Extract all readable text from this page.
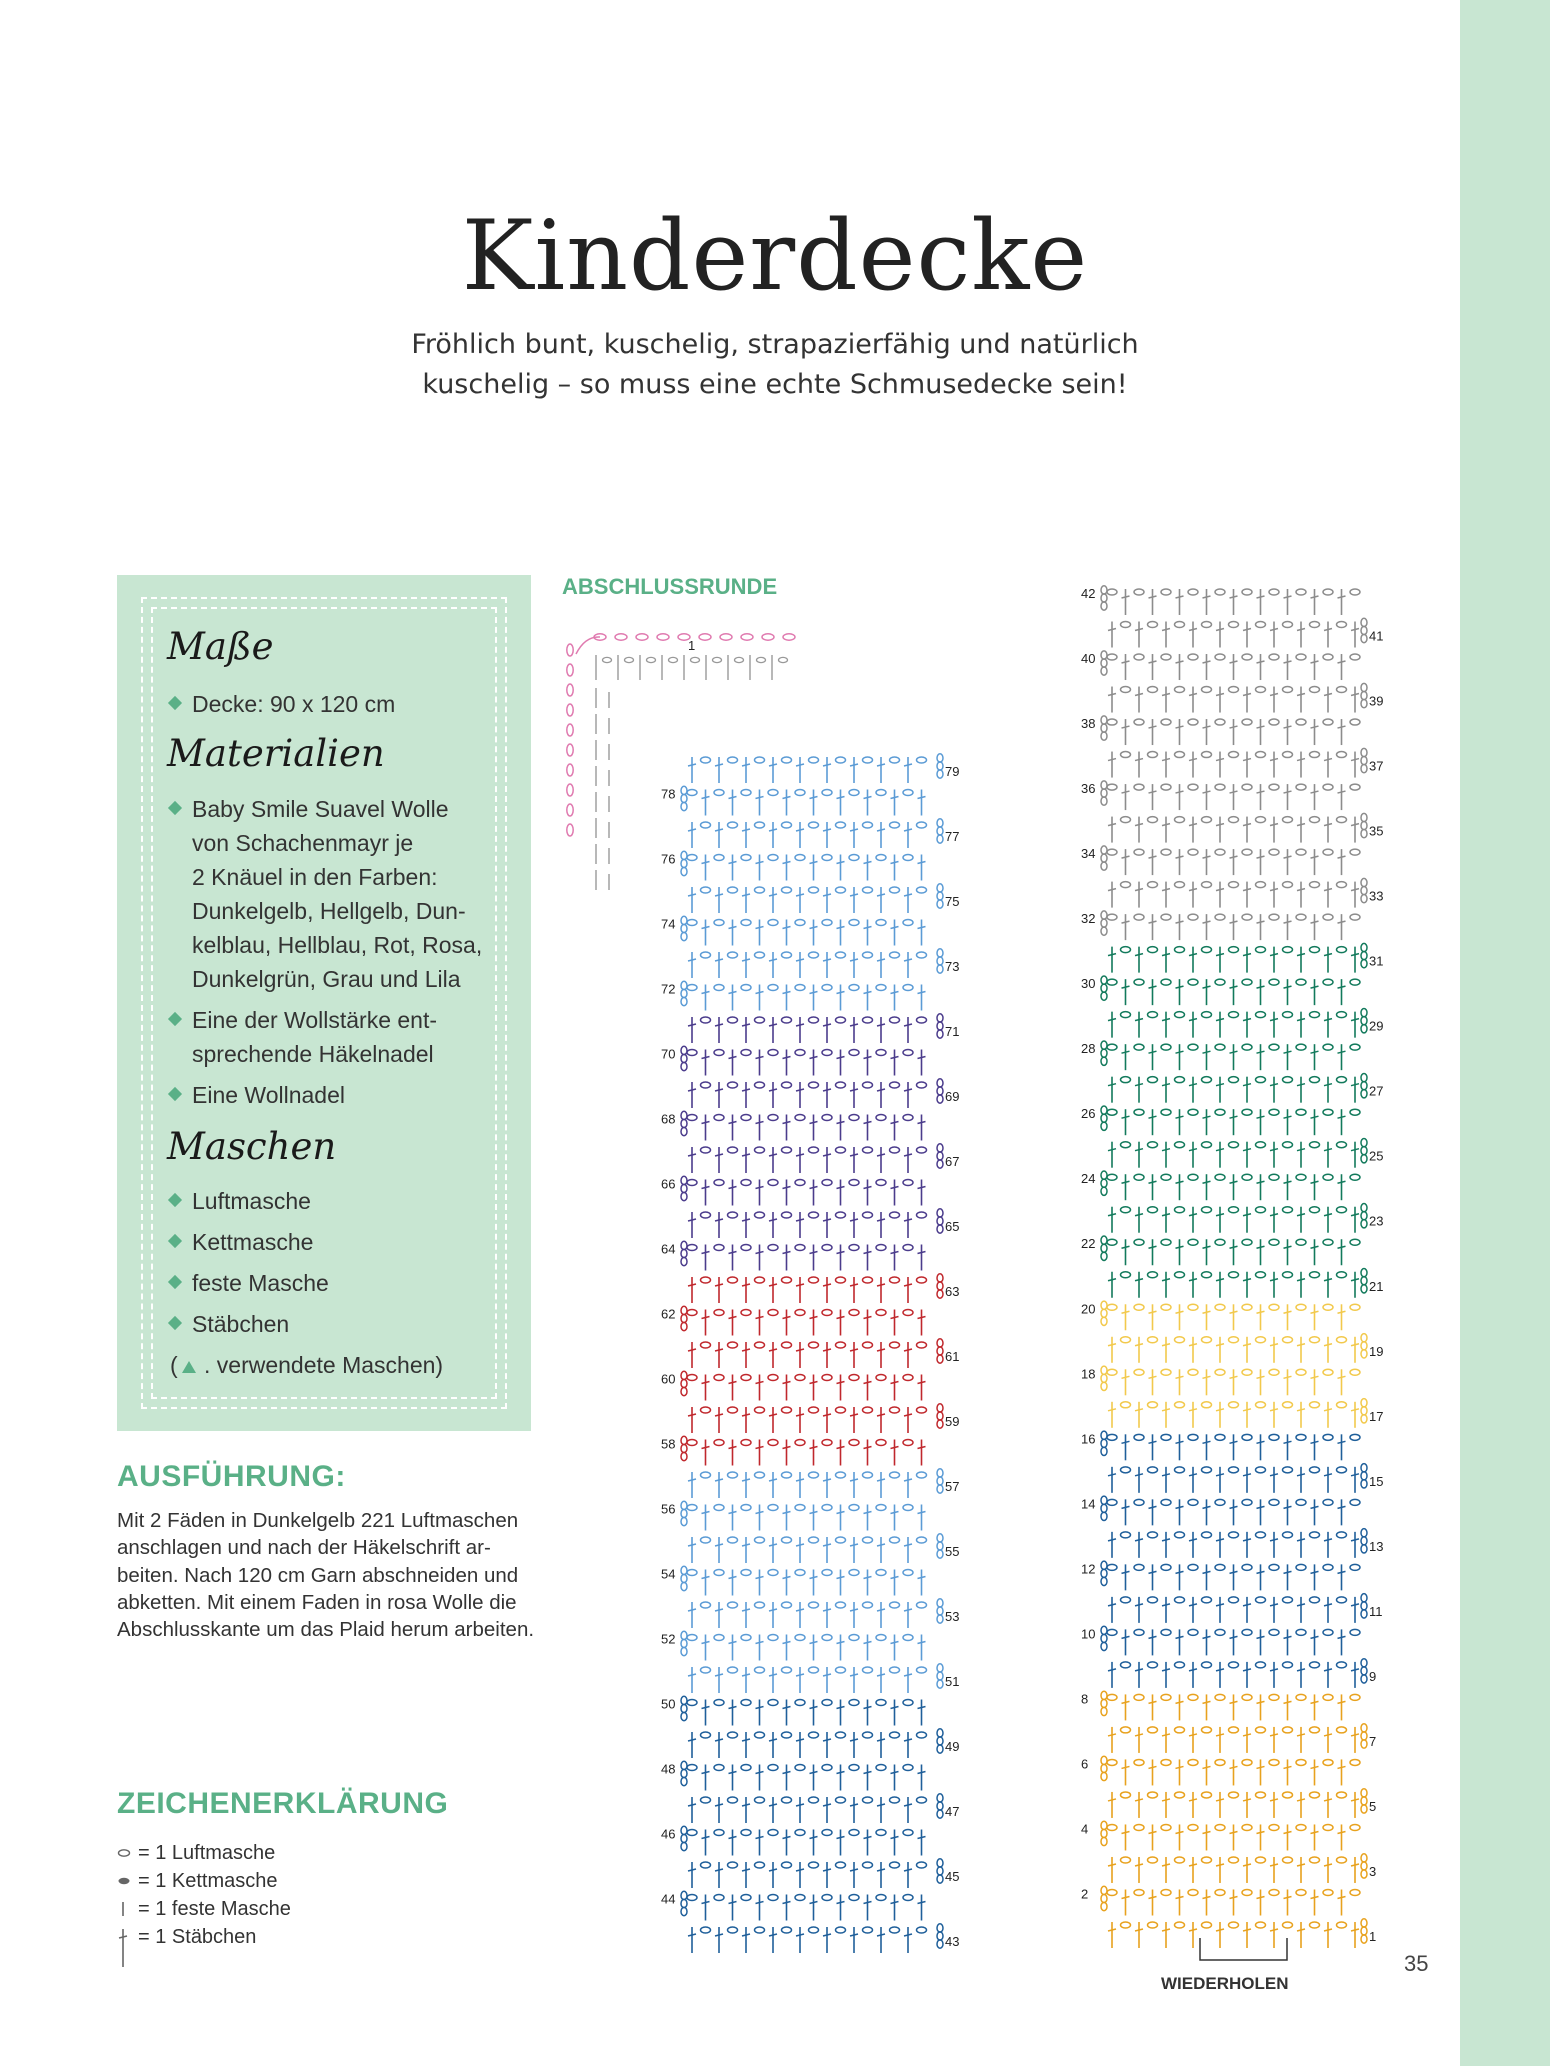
Kinderdecke
Fröhlich bunt, kuschelig, strapazierfähig und natürlich
kuschelig – so muss eine echte Schmusedecke sein!
Maße
Decke: 90 x 120 cm
Materialien
Baby Smile Suavel Wolle
von Schachenmayr je
2 Knäuel in den Farben:
Dunkelgelb, Hellgelb, Dun-
kelblau, Hellblau, Rot, Rosa,
Dunkelgrün, Grau und Lila
Eine der Wollstärke ent-
sprechende Häkelnadel
Eine Wollnadel
Maschen
Luftmasche
Kettmasche
feste Masche
Stäbchen
(	. verwendete Maschen)
AUSFÜHRUNG:
Mit 2 Fäden in Dunkelgelb 221 Luftmaschen
anschlagen und nach der Häkelschrift ar-
beiten. Nach 120 cm Garn abschneiden und
abketten. Mit einem Faden in rosa Wolle die
Abschlusskante um das Plaid herum arbeiten.
ZEICHENERKLÄRUNG
= 1 Luftmasche
= 1 Kettmasche
= 1 feste Masche
= 1 Stäbchen
ABSCHLUSSRUNDE
WIEDERHOLEN
35
1
43
44
45
46
47
48
49
50
51
52
53
54
55
56
57
58
59
60
61
62
63
64
65
66
67
68
69
70
71
72
73
74
75
76
77
78
79
1
2
3
4
5
6
7
8
9
10
11
12
13
14
15
16
17
18
19
20
21
22
23
24
25
26
27
28
29
30
31
32
33
34
35
36
37
38
39
40
41
42
